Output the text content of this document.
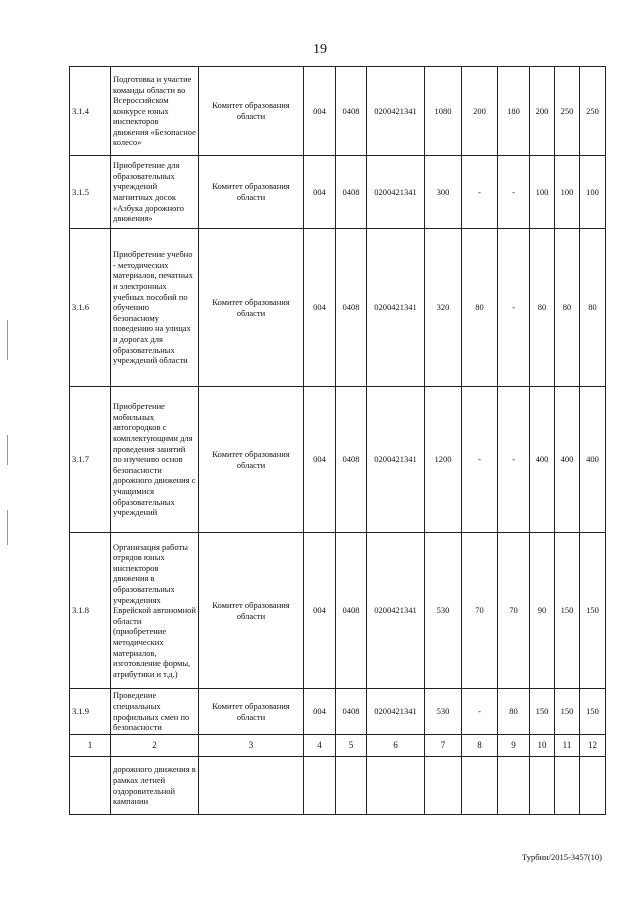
19
3.1.4	Подготовка и участие команды области во Всероссийском конкурсе юных инспекторов движения «Безопасное колесо»	Комитет образования области	004	0408	0200421341	1080	200	180	200	250	250
3.1.5	Приобретение для образовательных учреждений магнитных досок «Азбука дорожного движения»	Комитет образования области	004	0408	0200421341	300	-	-	100	100	100
3.1.6	Приобретение учебно - методических материалов, печатных и электронных учебных пособий по обучению безопасному поведению на улицах и дорогах для образовательных учреждений области	Комитет образования области	004	0408	0200421341	320	80	-	80	80	80
3.1.7	Приобретение мобильных автогородков с комплектующими для проведения занятий по изучению основ безопасности дорожного движения с учащимися образовательных учреждений	Комитет образования области	004	0408	0200421341	1200	-	-	400	400	400
3.1.8	Организация работы отрядов юных инспекторов движения в образовательных учреждениях Еврейской автономной области (приобретение методических материалов, изготовление формы, атрибутики и т.д.)	Комитет образования области	004	0408	0200421341	530	70	70	90	150	150
3.1.9	Проведение специальных профильных смен по безопасности	Комитет образования области	004	0408	0200421341	530	-	80	150	150	150
1	2	3	4	5	6	7	8	9	10	11	12
	дорожного движения в рамках летней оздоровительной кампании										
Турбин/2015-3457(10)
